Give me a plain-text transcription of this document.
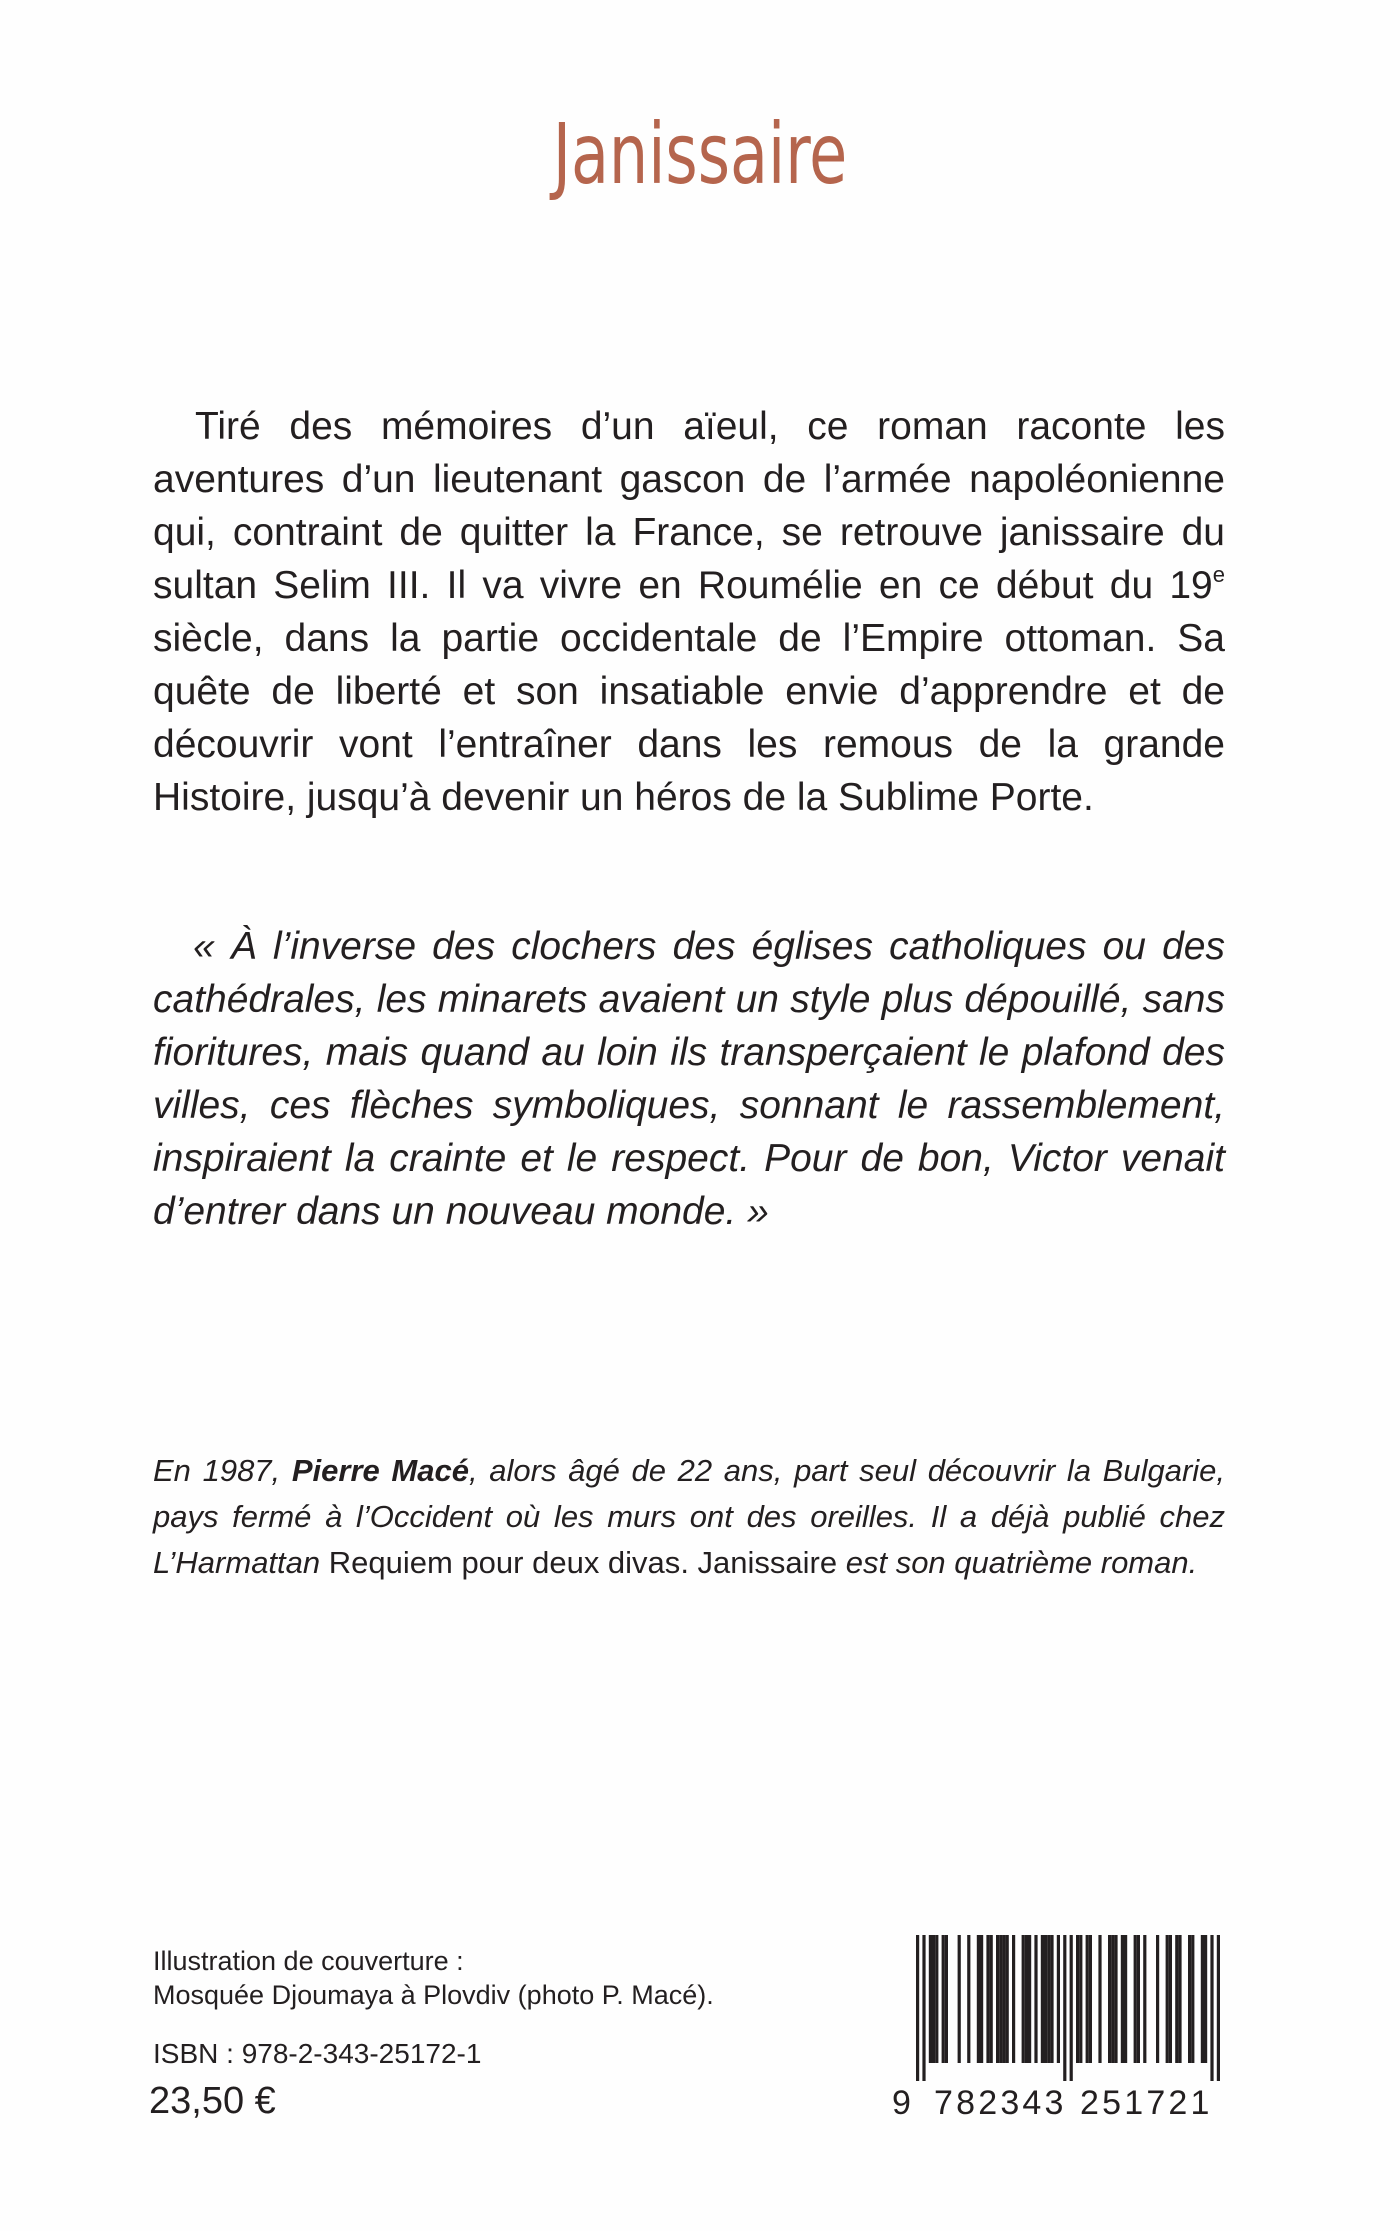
Janissaire
Tiré des mémoires d’un aïeul, ce roman raconte les aventures d’un lieutenant gascon de l’armée napoléonienne qui, contraint de quitter la France, se retrouve janissaire du sultan Selim III. Il va vivre en Roumélie en ce début du 19e siècle, dans la partie occidentale de l’Empire ottoman. Sa quête de liberté et son insatiable envie d’apprendre et de découvrir vont l’entraîner dans les remous de la grande Histoire, jusqu’à devenir un héros de la Sublime Porte.
« À l’inverse des clochers des églises catholiques ou des cathédrales, les minarets avaient un style plus dépouillé, sans fioritures, mais quand au loin ils transperçaient le plafond des villes, ces flèches symboliques, sonnant le rassemblement, inspiraient la crainte et le respect. Pour de bon, Victor venait d’entrer dans un nouveau monde. »
En 1987, Pierre Macé, alors âgé de 22 ans, part seul découvrir la Bulgarie, pays fermé à l’Occident où les murs ont des oreilles. Il a déjà publié chez L’Harmattan Requiem pour deux divas. Janissaire est son quatrième roman.
Illustration de couverture :
Mosquée Djoumaya à Plovdiv (photo P. Macé).
ISBN : 978-2-343-25172-1
23,50 €	9 782343 251721
